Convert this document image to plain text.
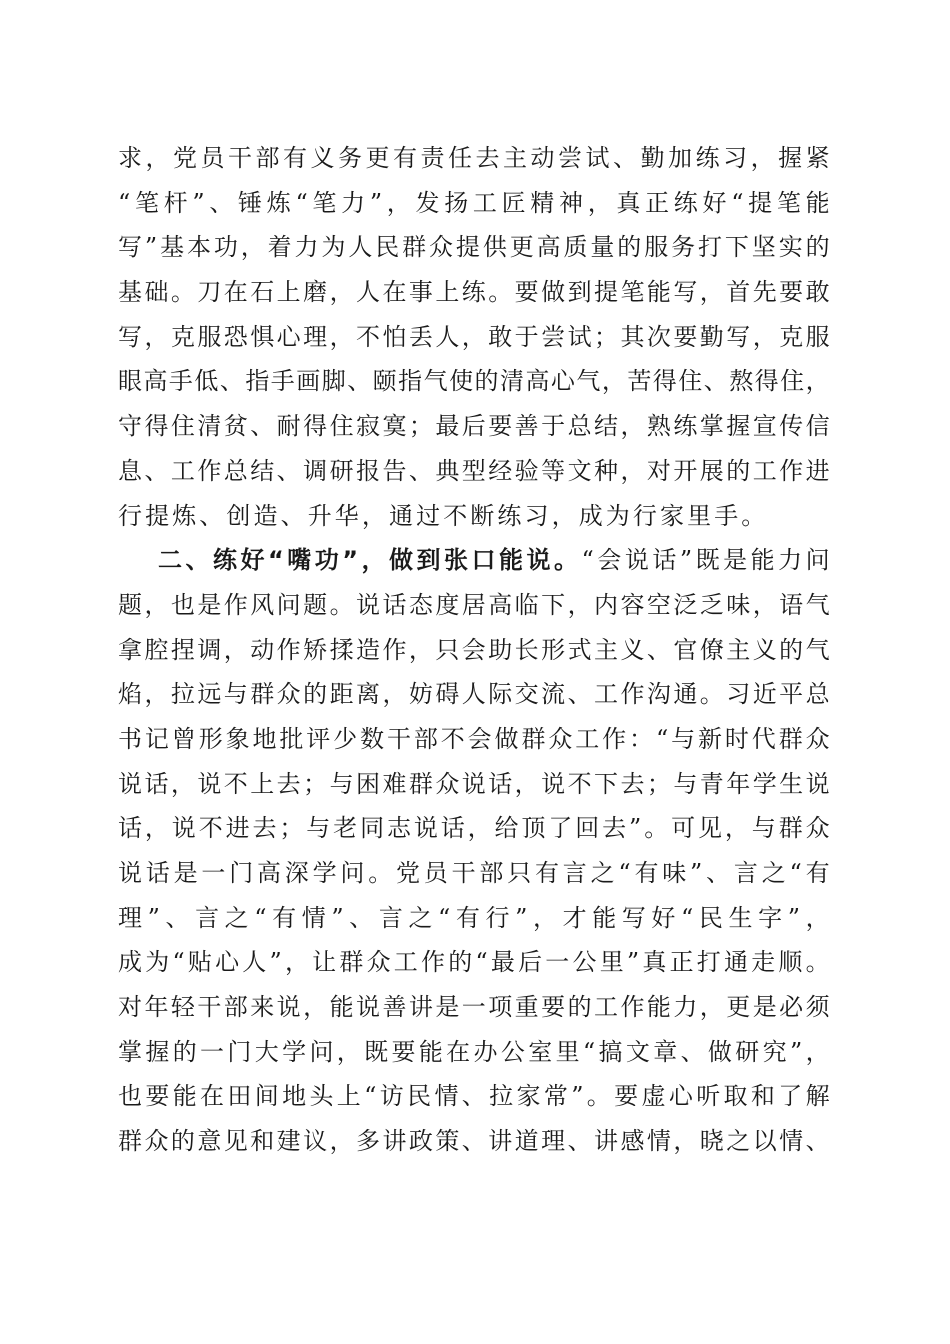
求，党员干部有义务更有责任去主动尝试、勤加练习，握紧
“笔杆”、锤炼“笔力”，发扬工匠精神，真正练好“提笔能
写”基本功，着力为人民群众提供更高质量的服务打下坚实的
基础。刀在石上磨，人在事上练。要做到提笔能写，首先要敢
写，克服恐惧心理，不怕丢人，敢于尝试；其次要勤写，克服
眼高手低、指手画脚、颐指气使的清高心气，苦得住、熬得住，
守得住清贫、耐得住寂寞；最后要善于总结，熟练掌握宣传信
息、工作总结、调研报告、典型经验等文种，对开展的工作进
行提炼、创造、升华，通过不断练习，成为行家里手。
二、练好“嘴功”，做到张口能说。“会说话”既是能力问
题，也是作风问题。说话态度居高临下，内容空泛乏味，语气
拿腔捏调，动作矫揉造作，只会助长形式主义、官僚主义的气
焰，拉远与群众的距离，妨碍人际交流、工作沟通。习近平总
书记曾形象地批评少数干部不会做群众工作：“与新时代群众
说话，说不上去；与困难群众说话，说不下去；与青年学生说
话，说不进去；与老同志说话，给顶了回去”。可见，与群众
说话是一门高深学问。党员干部只有言之“有味”、言之“有
理”、言之“有情”、言之“有行”，才能写好“民生字”，
成为“贴心人”，让群众工作的“最后一公里”真正打通走顺。
对年轻干部来说，能说善讲是一项重要的工作能力，更是必须
掌握的一门大学问，既要能在办公室里“搞文章、做研究”，
也要能在田间地头上“访民情、拉家常”。要虚心听取和了解
群众的意见和建议，多讲政策、讲道理、讲感情，晓之以情、
